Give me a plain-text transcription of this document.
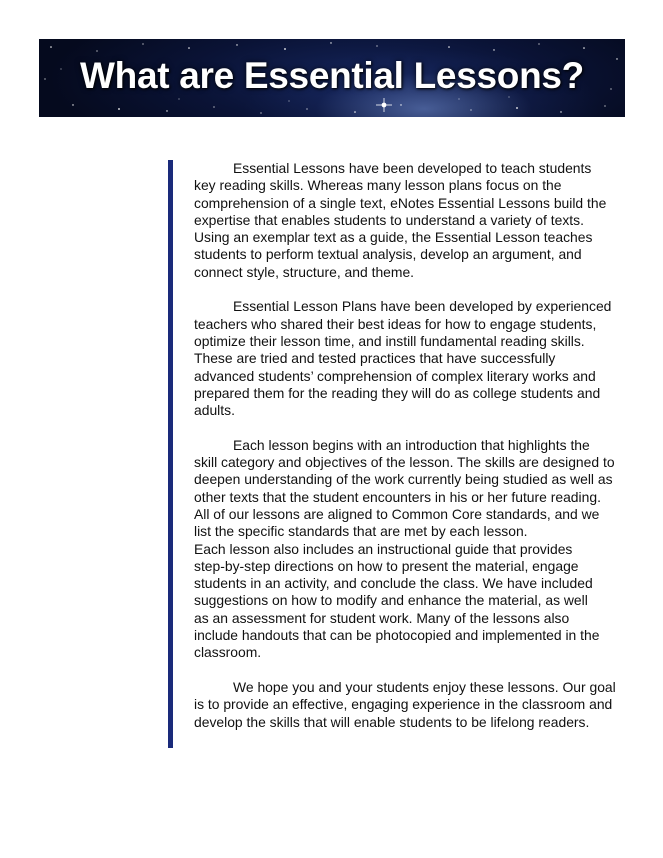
What are Essential Lessons?
Essential Lessons have been developed to teach students
key reading skills. Whereas many lesson plans focus on the
comprehension of a single text, eNotes Essential Lessons build the
expertise that enables students to understand a variety of texts.
Using an exemplar text as a guide, the Essential Lesson teaches
students to perform textual analysis, develop an argument, and
connect style, structure, and theme.
Essential Lesson Plans have been developed by experienced
teachers who shared their best ideas for how to engage students,
optimize their lesson time, and instill fundamental reading skills.
These are tried and tested practices that have successfully
advanced students’ comprehension of complex literary works and
prepared them for the reading they will do as college students and
adults.
Each lesson begins with an introduction that highlights the
skill category and objectives of the lesson. The skills are designed to
deepen understanding of the work currently being studied as well as
other texts that the student encounters in his or her future reading.
All of our lessons are aligned to Common Core standards, and we
list the specific standards that are met by each lesson.
Each lesson also includes an instructional guide that provides
step-by-step directions on how to present the material, engage
students in an activity, and conclude the class. We have included
suggestions on how to modify and enhance the material, as well
as an assessment for student work. Many of the lessons also
include handouts that can be photocopied and implemented in the
classroom.
We hope you and your students enjoy these lessons. Our goal
is to provide an effective, engaging experience in the classroom and
develop the skills that will enable students to be lifelong readers.
